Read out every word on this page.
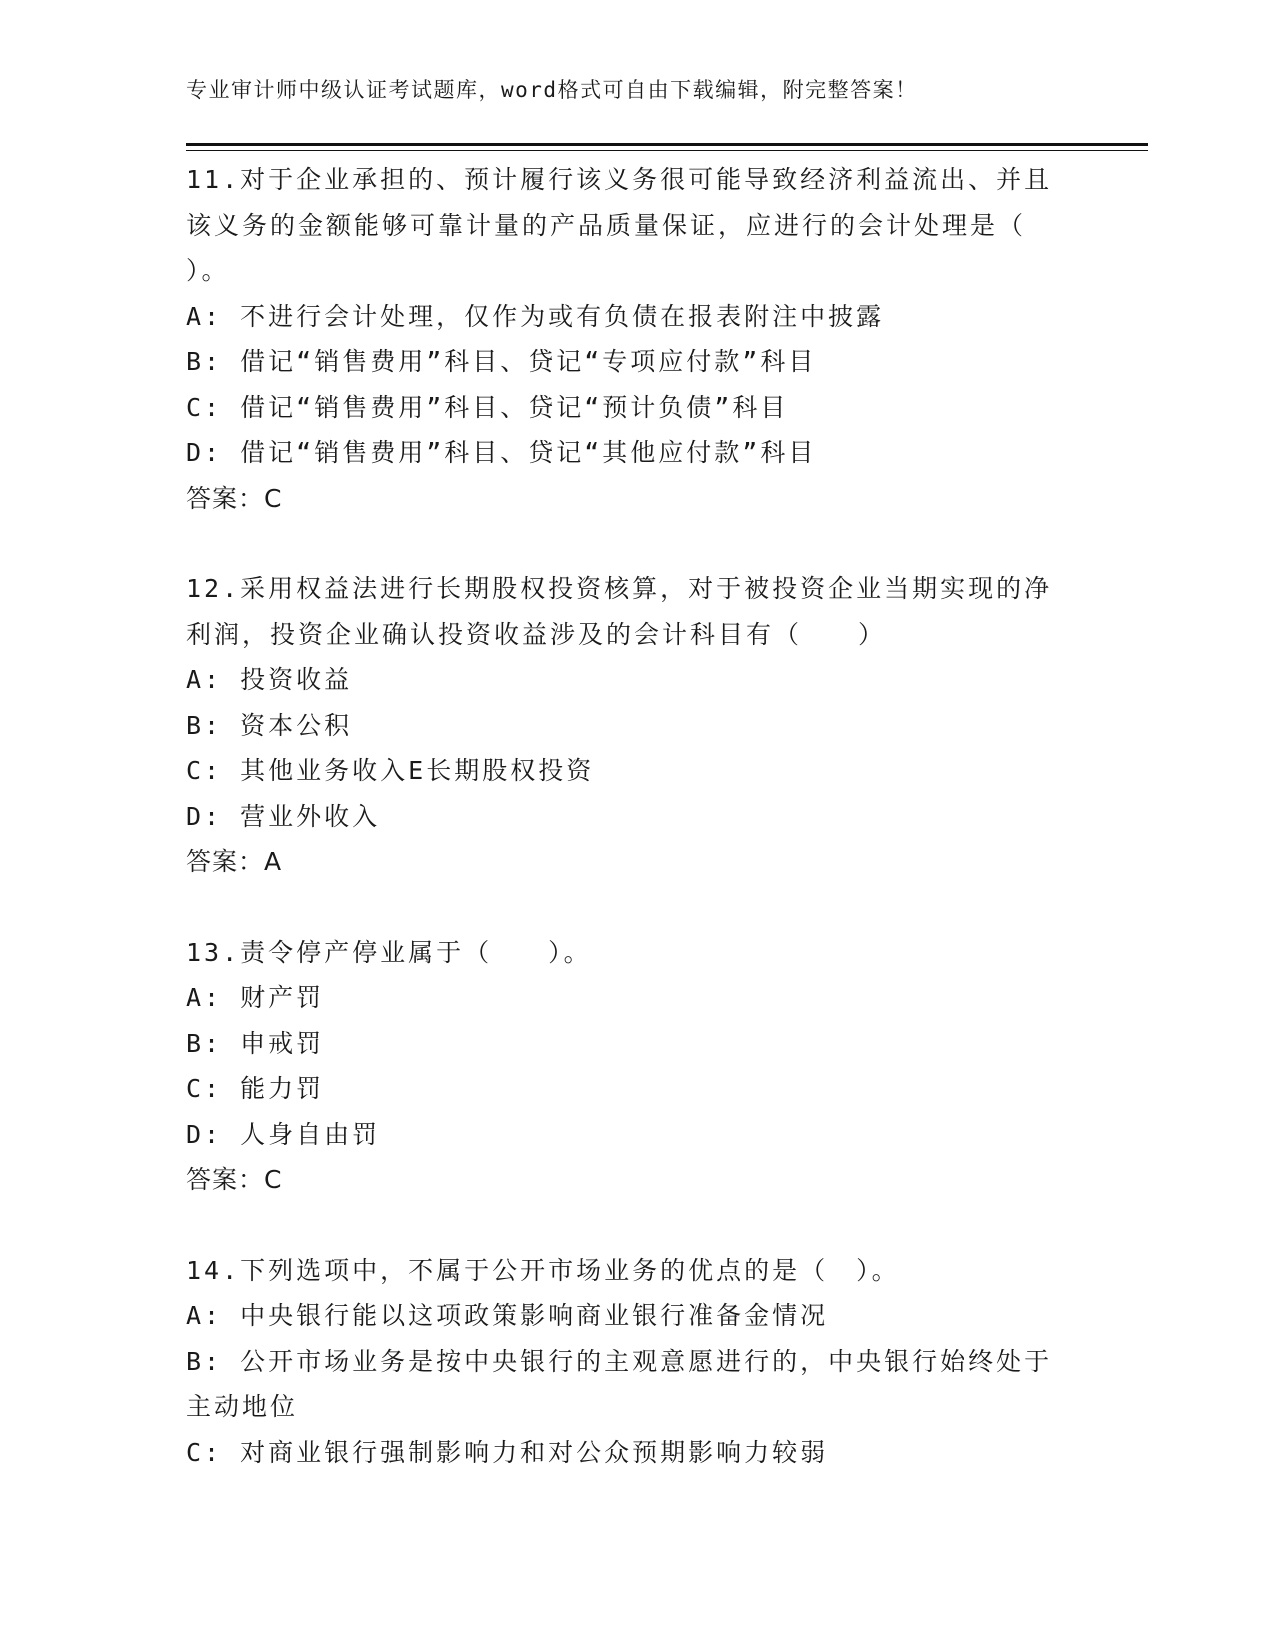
专业审计师中级认证考试题库，word格式可自由下载编辑，附完整答案！
11.对于企业承担的、预计履行该义务很可能导致经济利益流出、并且
该义务的金额能够可靠计量的产品质量保证，应进行的会计处理是（
）。
A: 不进行会计处理，仅作为或有负债在报表附注中披露
B: 借记“销售费用”科目、贷记“专项应付款”科目
C: 借记“销售费用”科目、贷记“预计负债”科目
D: 借记“销售费用”科目、贷记“其他应付款”科目
答案：C
12.采用权益法进行长期股权投资核算，对于被投资企业当期实现的净
利润，投资企业确认投资收益涉及的会计科目有（　　）
A: 投资收益
B: 资本公积
C: 其他业务收入E长期股权投资
D: 营业外收入
答案：A
13.责令停产停业属于（　　）。
A: 财产罚
B: 申戒罚
C: 能力罚
D: 人身自由罚
答案：C
14.下列选项中，不属于公开市场业务的优点的是（　）。
A: 中央银行能以这项政策影响商业银行准备金情况
B: 公开市场业务是按中央银行的主观意愿进行的，中央银行始终处于
主动地位
C: 对商业银行强制影响力和对公众预期影响力较弱
